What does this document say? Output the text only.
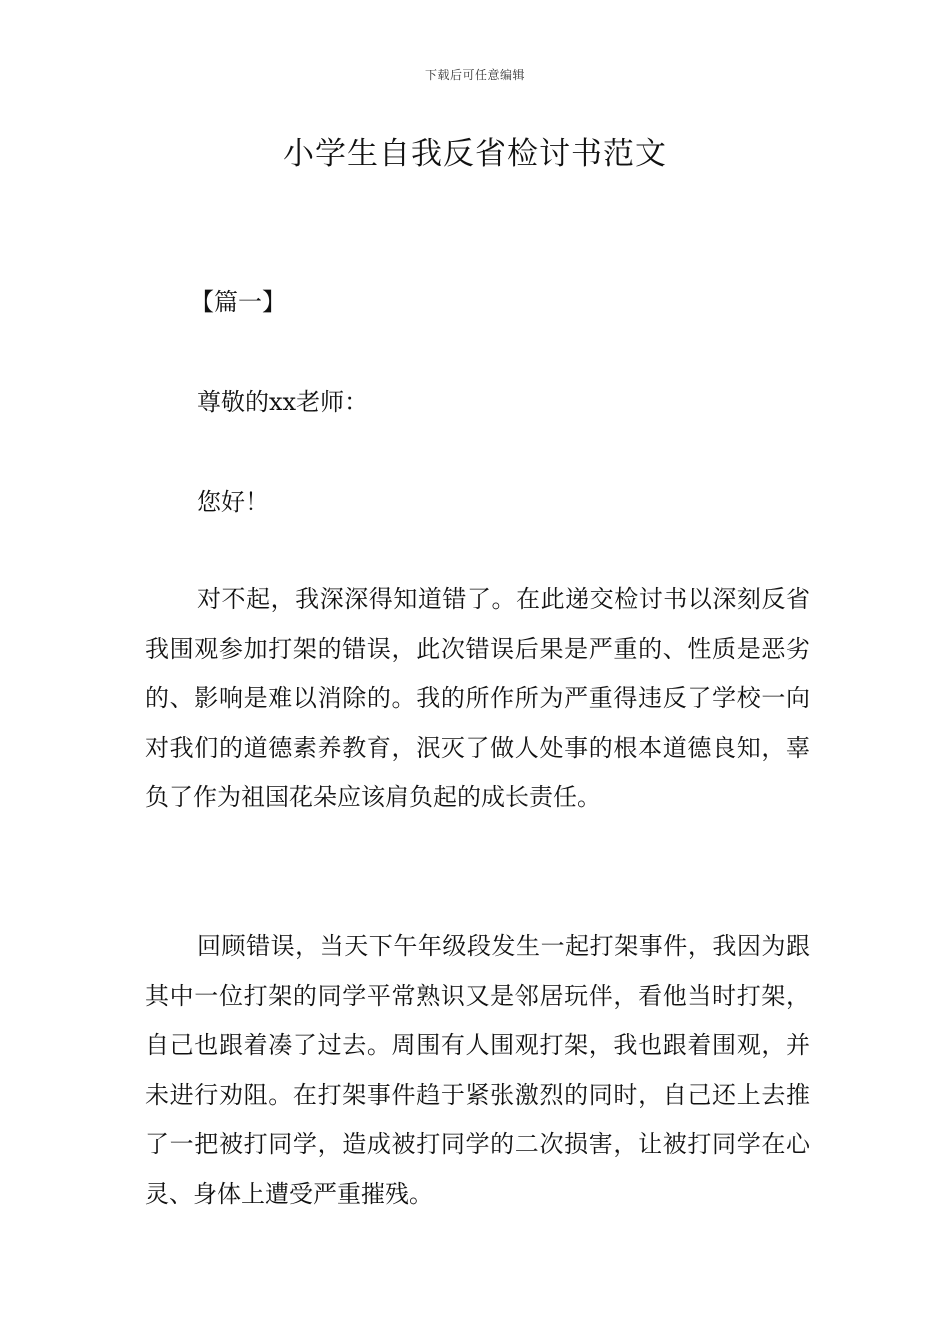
下载后可任意编辑
小学生自我反省检讨书范文
【篇一】
尊敬的xx老师：
您好！

对不起，我深深得知道错了。在此递交检讨书以深刻反省我围观参加打架的错误，此次错误后果是严重的、性质是恶劣的、影响是难以消除的。我的所作所为严重得违反了学校一向对我们的道德素养教育，泯灭了做人处事的根本道德良知，辜负了作为祖国花朵应该肩负起的成长责任。

回顾错误，当天下午年级段发生一起打架事件，我因为跟其中一位打架的同学平常熟识又是邻居玩伴，看他当时打架，自己也跟着凑了过去。周围有人围观打架，我也跟着围观，并未进行劝阻。在打架事件趋于紧张激烈的同时，自己还上去推了一把被打同学，造成被打同学的二次损害，让被打同学在心灵、身体上遭受严重摧残。
